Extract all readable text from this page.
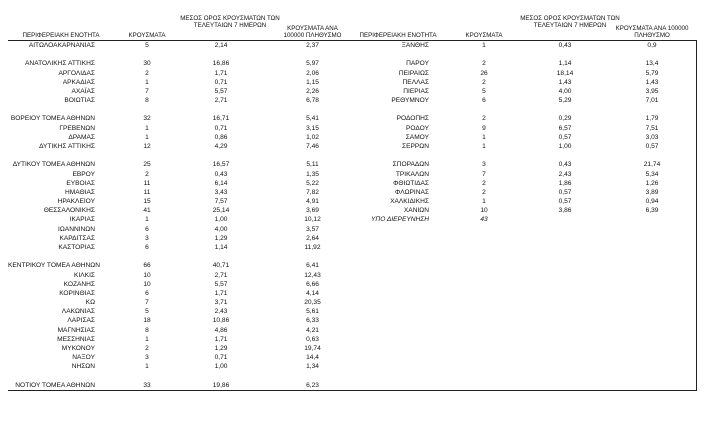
ΠΕΡΙΦΕΡΕΙΑΚΗ ΕΝΟΤΗΤΑ	ΚΡΟΥΣΜΑΤΑ
ΜΕΣΟΣ ΟΡΟΣ ΚΡΟΥΣΜΑΤΩΝ ΤΩΝ ΤΕΛΕΥΤΑΙΩΝ 7 ΗΜΕΡΩΝ	ΚΡΟΥΣΜΑΤΑ ΑΝΑ 100000 ΠΛΗΘΥΣΜΟ	ΠΕΡΙΦΕΡΕΙΑΚΗ ΕΝΟΤΗΤΑ	ΚΡΟΥΣΜΑΤΑ
ΜΕΣΟΣ ΟΡΟΣ ΚΡΟΥΣΜΑΤΩΝ ΤΩΝ ΤΕΛΕΥΤΑΙΩΝ 7 ΗΜΕΡΩΝ	ΚΡΟΥΣΜΑΤΑ ΑΝΑ 100000 ΠΛΗΘΥΣΜΟ
ΑΙΤΩΛΟΑΚΑΡΝΑΝΙΑΣ	5	2,14	2,37
ΑΝΑΤΟΛΙΚΗΣ ΑΤΤΙΚΗΣ	30	16,86	5,97
ΑΡΓΟΛΙΔΑΣ	2	1,71	2,06
ΑΡΚΑΔΙΑΣ	1	0,71	1,15
ΑΧΑΪΑΣ	7	5,57	2,26
ΒΟΙΩΤΙΑΣ	8	2,71	6,78
ΒΟΡΕΙΟΥ ΤΟΜΕΑ ΑΘΗΝΩΝ	32	16,71	5,41
ΓΡΕΒΕΝΩΝ	1	0,71	3,15
ΔΡΑΜΑΣ	1	0,86	1,02
ΔΥΤΙΚΗΣ ΑΤΤΙΚΗΣ	12	4,29	7,46
ΔΥΤΙΚΟΥ ΤΟΜΕΑ ΑΘΗΝΩΝ	25	16,57	5,11
ΕΒΡΟΥ	2	0,43	1,35
ΕΥΒΟΙΑΣ	11	6,14	5,22
ΗΜΑΘΙΑΣ	11	3,43	7,82
ΗΡΑΚΛΕΙΟΥ	15	7,57	4,91
ΘΕΣΣΑΛΟΝΙΚΗΣ	41	25,14	3,69
ΙΚΑΡΙΑΣ	1	1,00	10,12
ΙΩΑΝΝΙΝΩΝ	6	4,00	3,57
ΚΑΡΔΙΤΣΑΣ	3	1,29	2,64
ΚΑΣΤΟΡΙΑΣ	6	1,14	11,92
ΚΕΝΤΡΙΚΟΥ ΤΟΜΕΑ ΑΘΗΝΩΝ	66	40,71	6,41
ΚΙΛΚΙΣ	10	2,71	12,43
ΚΟΖΑΝΗΣ	10	5,57	6,66
ΚΟΡΙΝΘΙΑΣ	6	1,71	4,14
ΚΩ	7	3,71	20,35
ΛΑΚΩΝΙΑΣ	5	2,43	5,61
ΛΑΡΙΣΑΣ	18	10,86	6,33
ΜΑΓΝΗΣΙΑΣ	8	4,86	4,21
ΜΕΣΣΗΝΙΑΣ	1	1,71	0,63
ΜΥΚΟΝΟΥ	2	1,29	19,74
ΝΑΞΟΥ	3	0,71	14,4
ΝΗΣΩΝ	1	1,00	1,34
ΝΟΤΙΟΥ ΤΟΜΕΑ ΑΘΗΝΩΝ	33	19,86	6,23
ΞΑΝΘΗΣ	1	0,43	0,9
ΠΑΡΟΥ	2	1,14	13,4
ΠΕΙΡΑΙΩΣ	26	18,14	5,79
ΠΕΛΛΑΣ	2	1,43	1,43
ΠΙΕΡΙΑΣ	5	4,00	3,95
ΡΕΘΥΜΝΟΥ	6	5,29	7,01
ΡΟΔΟΠΗΣ	2	0,29	1,79
ΡΟΔΟΥ	9	6,57	7,51
ΣΑΜΟΥ	1	0,57	3,03
ΣΕΡΡΩΝ	1	1,00	0,57
ΣΠΟΡΑΔΩΝ	3	0,43	21,74
ΤΡΙΚΑΛΩΝ	7	2,43	5,34
ΦΘΙΩΤΙΔΑΣ	2	1,86	1,26
ΦΛΩΡΙΝΑΣ	2	0,57	3,89
ΧΑΛΚΙΔΙΚΗΣ	1	0,57	0,94
ΧΑΝΙΩΝ	10	3,86	6,39
ΥΠΟ ΔΙΕΡΕΥΝΗΣΗ	43
